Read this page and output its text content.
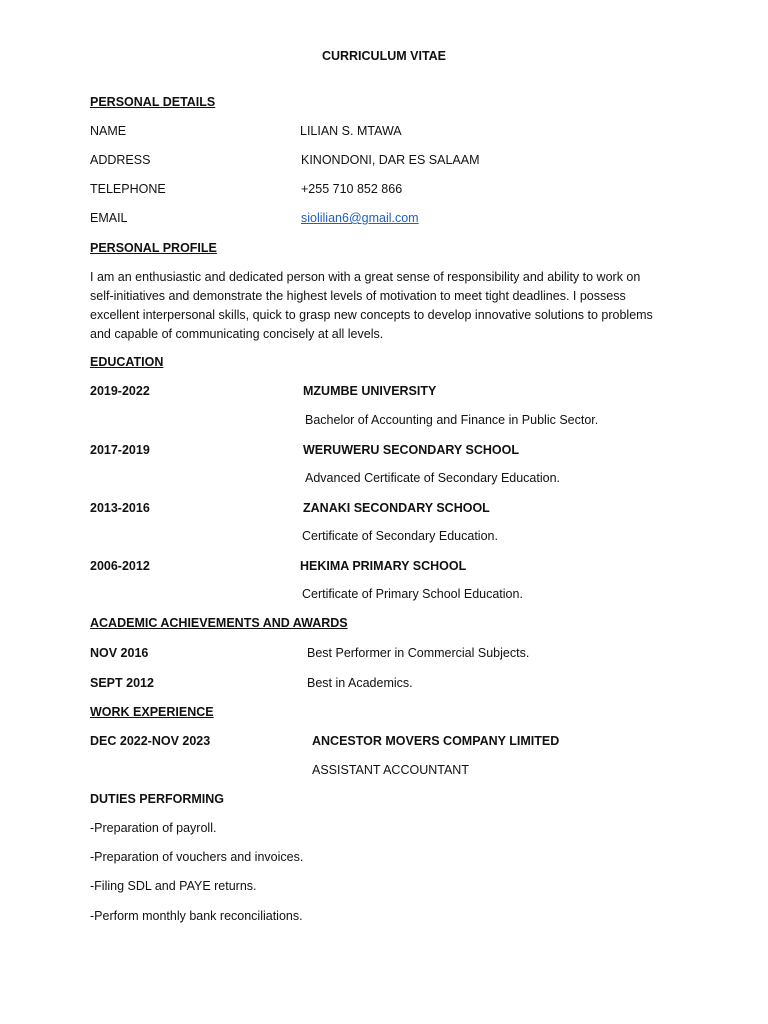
CURRICULUM VITAE
PERSONAL DETAILS
NAME	LILIAN S. MTAWA
ADDRESS	KINONDONI, DAR ES SALAAM
TELEPHONE	+255 710 852 866
EMAIL	siolilian6@gmail.com
PERSONAL PROFILE
I am an enthusiastic and dedicated person with a great sense of responsibility and ability to work on
self-initiatives and demonstrate the highest levels of motivation to meet tight deadlines. I possess
excellent interpersonal skills, quick to grasp new concepts to develop innovative solutions to problems
and capable of communicating concisely at all levels.
EDUCATION
2019-2022	MZUMBE UNIVERSITY
Bachelor of Accounting and Finance in Public Sector.
2017-2019	WERUWERU SECONDARY SCHOOL
Advanced Certificate of Secondary Education.
2013-2016	ZANAKI SECONDARY SCHOOL
Certificate of Secondary Education.
2006-2012	HEKIMA PRIMARY SCHOOL
Certificate of Primary School Education.
ACADEMIC ACHIEVEMENTS AND AWARDS
NOV 2016	Best Performer in Commercial Subjects.
SEPT 2012	Best in Academics.
WORK EXPERIENCE
DEC 2022-NOV 2023	ANCESTOR MOVERS COMPANY LIMITED
ASSISTANT ACCOUNTANT
DUTIES PERFORMING
-Preparation of payroll.
-Preparation of vouchers and invoices.
-Filing SDL and PAYE returns.
-Perform monthly bank reconciliations.
